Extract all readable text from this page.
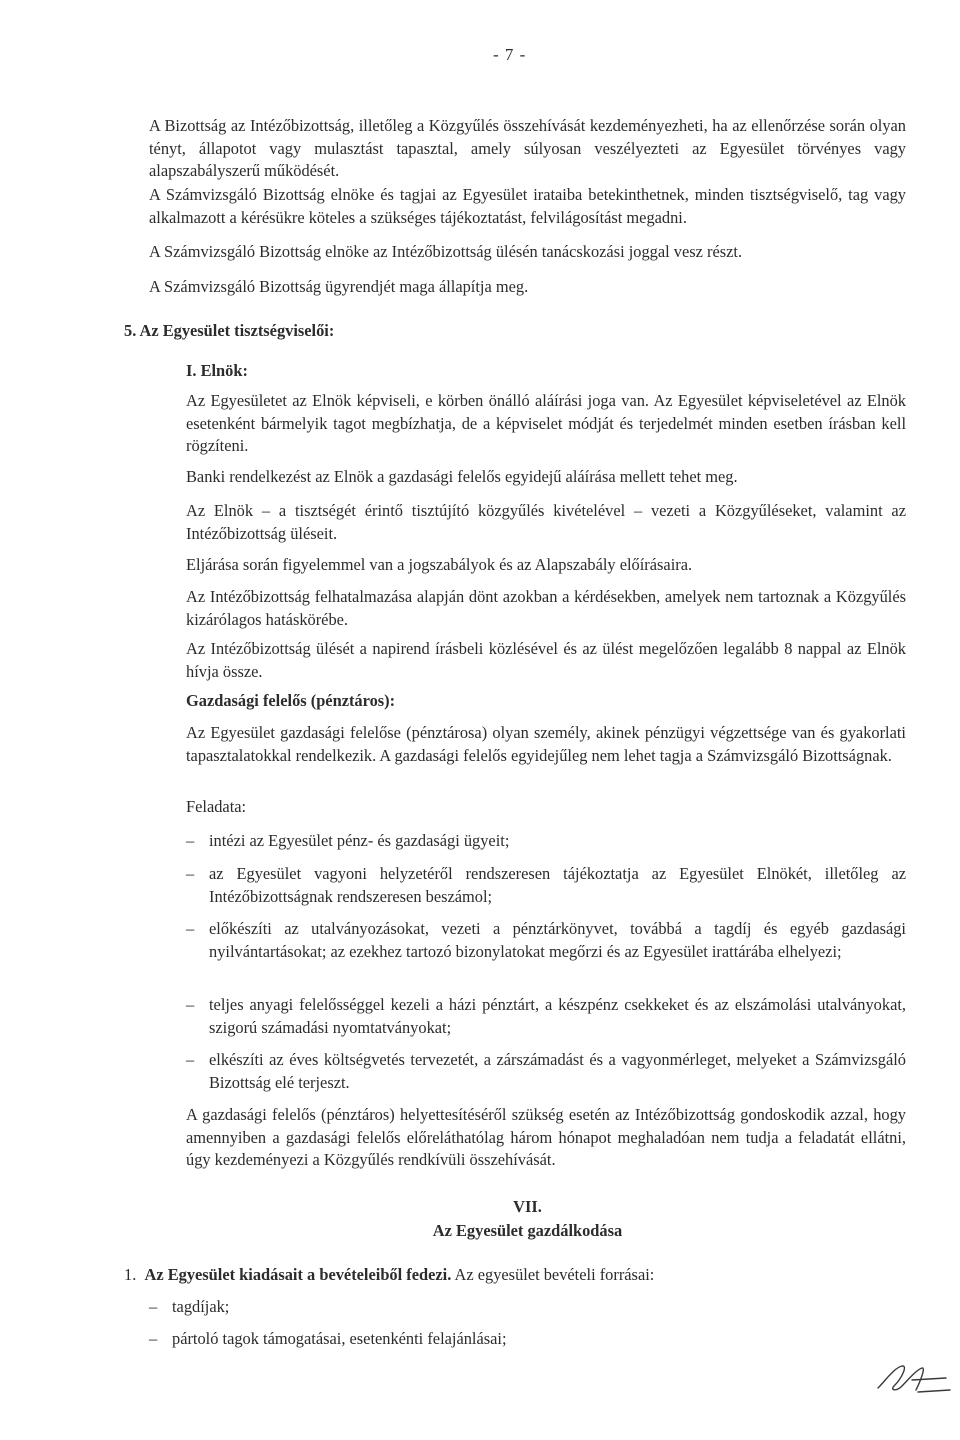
- 7 -

A Bizottság az Intézőbizottság, illetőleg a Közgyűlés összehívását kezdeményezheti, ha az ellenőrzése során olyan tényt, állapotot vagy mulasztást tapasztal, amely súlyosan veszélyezteti az Egyesület törvényes vagy alapszabályszerű működését.

A Számvizsgáló Bizottság elnöke és tagjai az Egyesület irataiba betekinthetnek, minden tisztségviselő, tag vagy alkalmazott a kérésükre köteles a szükséges tájékoztatást, felvilágosítást megadni.

A Számvizsgáló Bizottság elnöke az Intézőbizottság ülésén tanácskozási joggal vesz részt.

A Számvizsgáló Bizottság ügyrendjét maga állapítja meg.

5. Az Egyesület tisztségviselői:
I. Elnök:

Az Egyesületet az Elnök képviseli, e körben önálló aláírási joga van. Az Egyesület képviseletével az Elnök esetenként bármelyik tagot megbízhatja, de a képviselet módját és terjedelmét minden esetben írásban kell rögzíteni.

Banki rendelkezést az Elnök a gazdasági felelős egyidejű aláírása mellett tehet meg.

Az Elnök – a tisztségét érintő tisztújító közgyűlés kivételével – vezeti a Közgyűléseket, valamint az Intézőbizottság üléseit.

Eljárása során figyelemmel van a jogszabályok és az Alapszabály előírásaira.

Az Intézőbizottság felhatalmazása alapján dönt azokban a kérdésekben, amelyek nem tartoznak a Közgyűlés kizárólagos hatáskörébe.

Az Intézőbizottság ülését a napirend írásbeli közlésével és az ülést megelőzően legalább 8 nappal az Elnök hívja össze.

Gazdasági felelős (pénztáros):

Az Egyesület gazdasági felelőse (pénztárosa) olyan személy, akinek pénzügyi végzettsége van és gyakorlati tapasztalatokkal rendelkezik. A gazdasági felelős egyidejűleg nem lehet tagja a Számvizsgáló Bizottságnak.

Feladata:
– intézi az Egyesület pénz- és gazdasági ügyeit;

– az Egyesület vagyoni helyzetéről rendszeresen tájékoztatja az Egyesület Elnökét, illetőleg az Intézőbizottságnak rendszeresen beszámol;

– előkészíti az utalványozásokat, vezeti a pénztárkönyvet, továbbá a tagdíj és egyéb gazdasági nyilvántartásokat; az ezekhez tartozó bizonylatokat megőrzi és az Egyesület irattárába elhelyezi;

– teljes anyagi felelősséggel kezeli a házi pénztárt, a készpénz csekkeket és az elszámolási utalványokat, szigorú számadási nyomtatványokat;

– elkészíti az éves költségvetés tervezetét, a zárszámadást és a vagyonmérleget, melyeket a Számvizsgáló Bizottság elé terjeszt.

A gazdasági felelős (pénztáros) helyettesítéséről szükség esetén az Intézőbizottság gondoskodik azzal, hogy amennyiben a gazdasági felelős előreláthatólag három hónapot meghaladóan nem tudja a feladatát ellátni, úgy kezdeményezi a Közgyűlés rendkívüli összehívását.

VII.
Az Egyesület gazdálkodása
1. Az Egyesület kiadásait a bevételeiből fedezi. Az egyesület bevételi forrásai:
– tagdíjak;

– pártoló tagok támogatásai, esetenkénti felajánlásai;
